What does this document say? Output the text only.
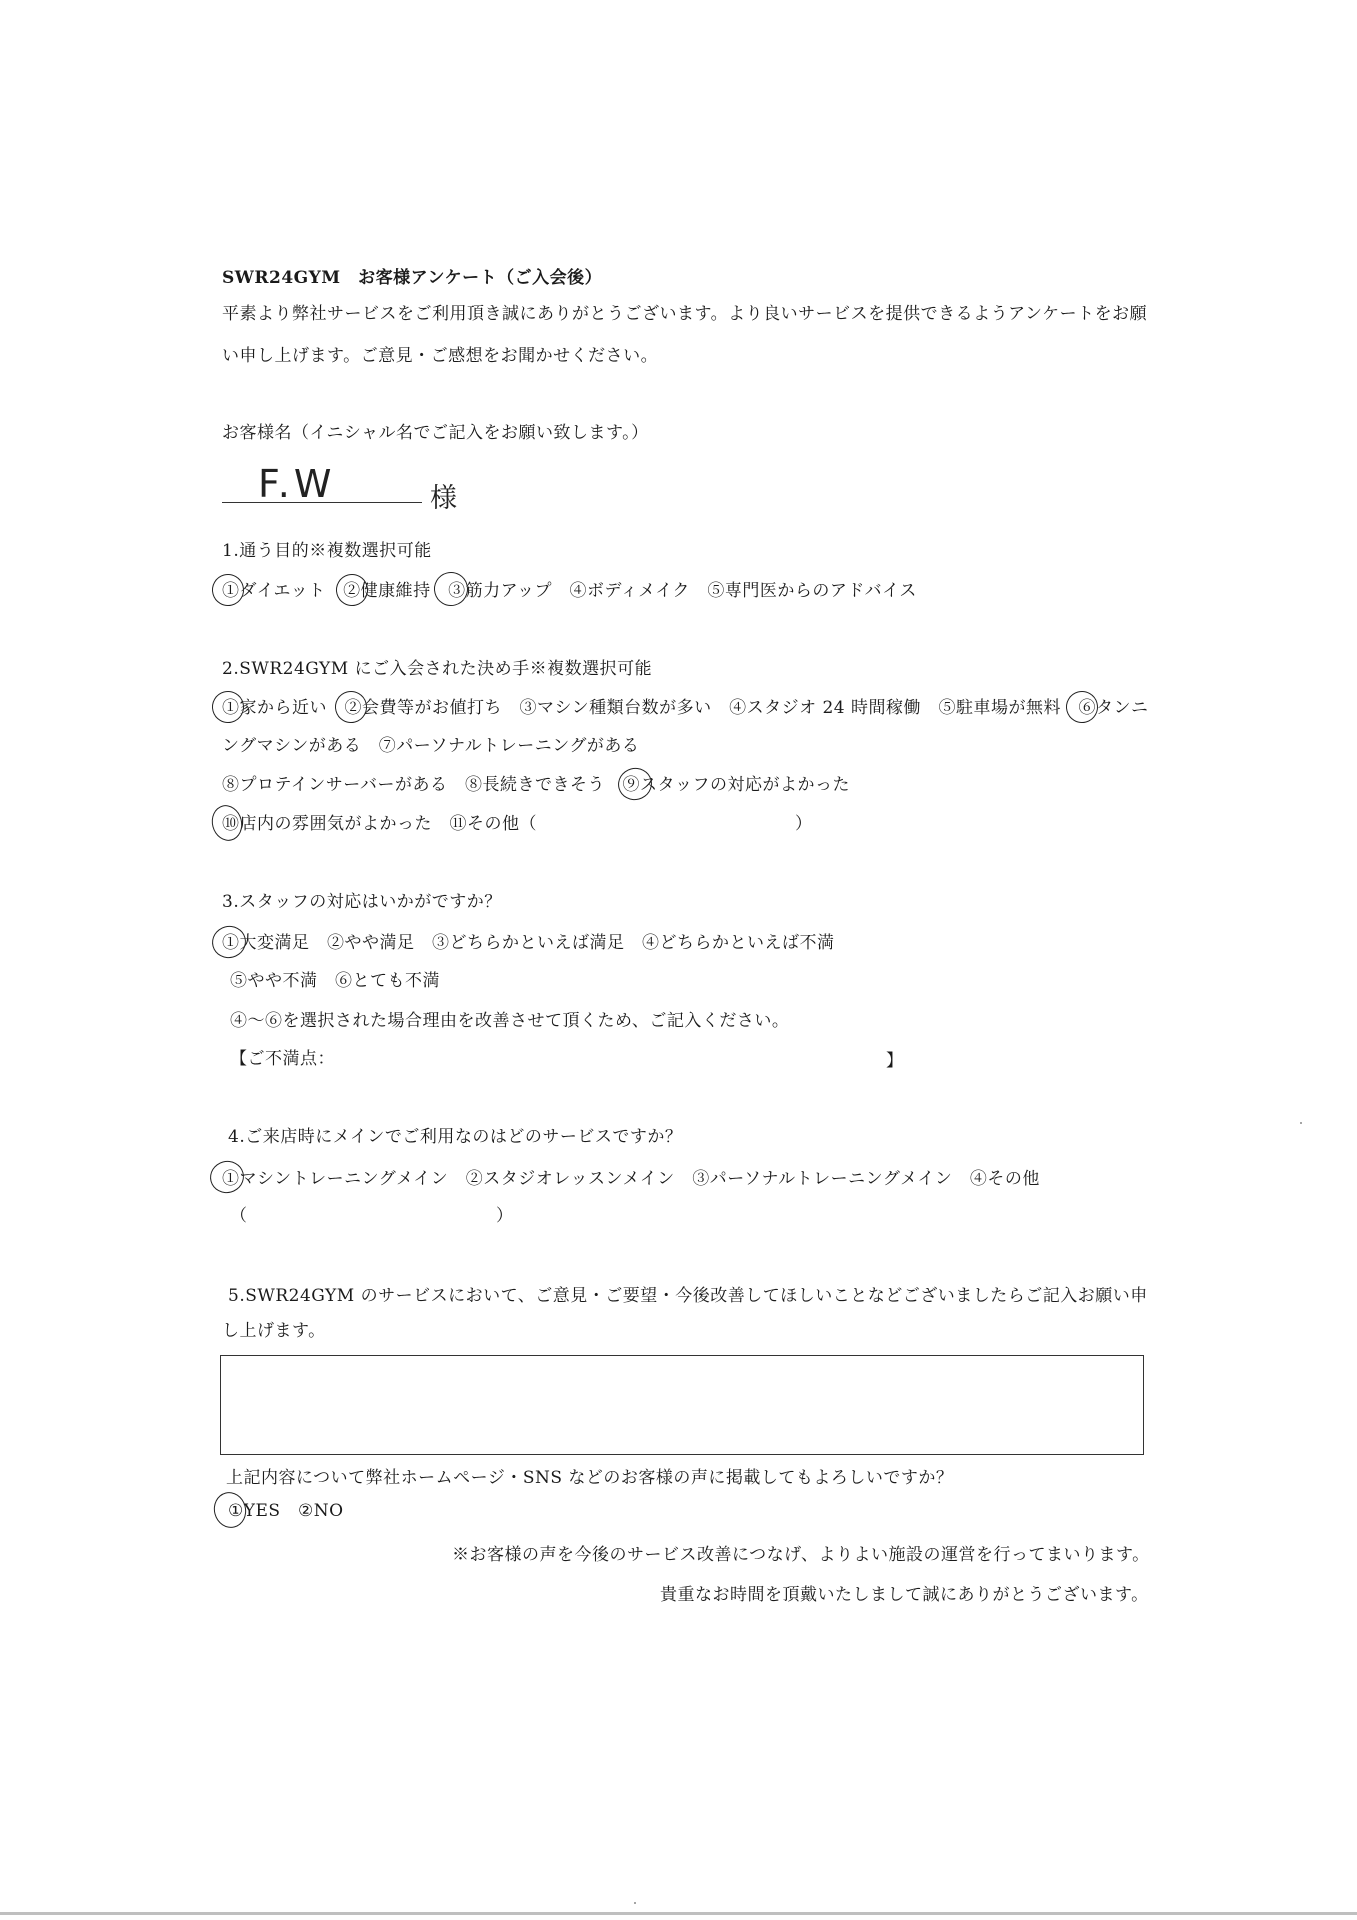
SWR24GYM　お客様アンケート（ご入会後）
平素より弊社サービスをご利用頂き誠にありがとうございます。より良いサービスを提供できるようアンケートをお願
い申し上げます。ご意見・ご感想をお聞かせください。
お客様名（イニシャル名でご記入をお願い致します。）
F.W	様
1.通う目的※複数選択可能
①ダイエット　②健康維持　③筋力アップ　④ボディメイク　⑤専門医からのアドバイス
2.SWR24GYM にご入会された決め手※複数選択可能
①家から近い　②会費等がお値打ち　③マシン種類台数が多い　④スタジオ 24 時間稼働　⑤駐車場が無料　⑥タンニ
ングマシンがある　⑦パーソナルトレーニングがある
⑧プロテインサーバーがある　⑧長続きできそう　⑨スタッフの対応がよかった
⑩店内の雰囲気がよかった　⑪その他（	）
3.スタッフの対応はいかがですか？
①大変満足　②やや満足　③どちらかといえば満足　④どちらかといえば不満
⑤やや不満　⑥とても不満
④～⑥を選択された場合理由を改善させて頂くため、ご記入ください。
【ご不満点：	】
4.ご来店時にメインでご利用なのはどのサービスですか？
①マシントレーニングメイン　②スタジオレッスンメイン　③パーソナルトレーニングメイン　④その他
（	）
5.SWR24GYM のサービスにおいて、ご意見・ご要望・今後改善してほしいことなどございましたらご記入お願い申
し上げます。
上記内容について弊社ホームページ・SNS などのお客様の声に掲載してもよろしいですか？
①YES　②NO
※お客様の声を今後のサービス改善につなげ、よりよい施設の運営を行ってまいります。
貴重なお時間を頂戴いたしまして誠にありがとうございます。
